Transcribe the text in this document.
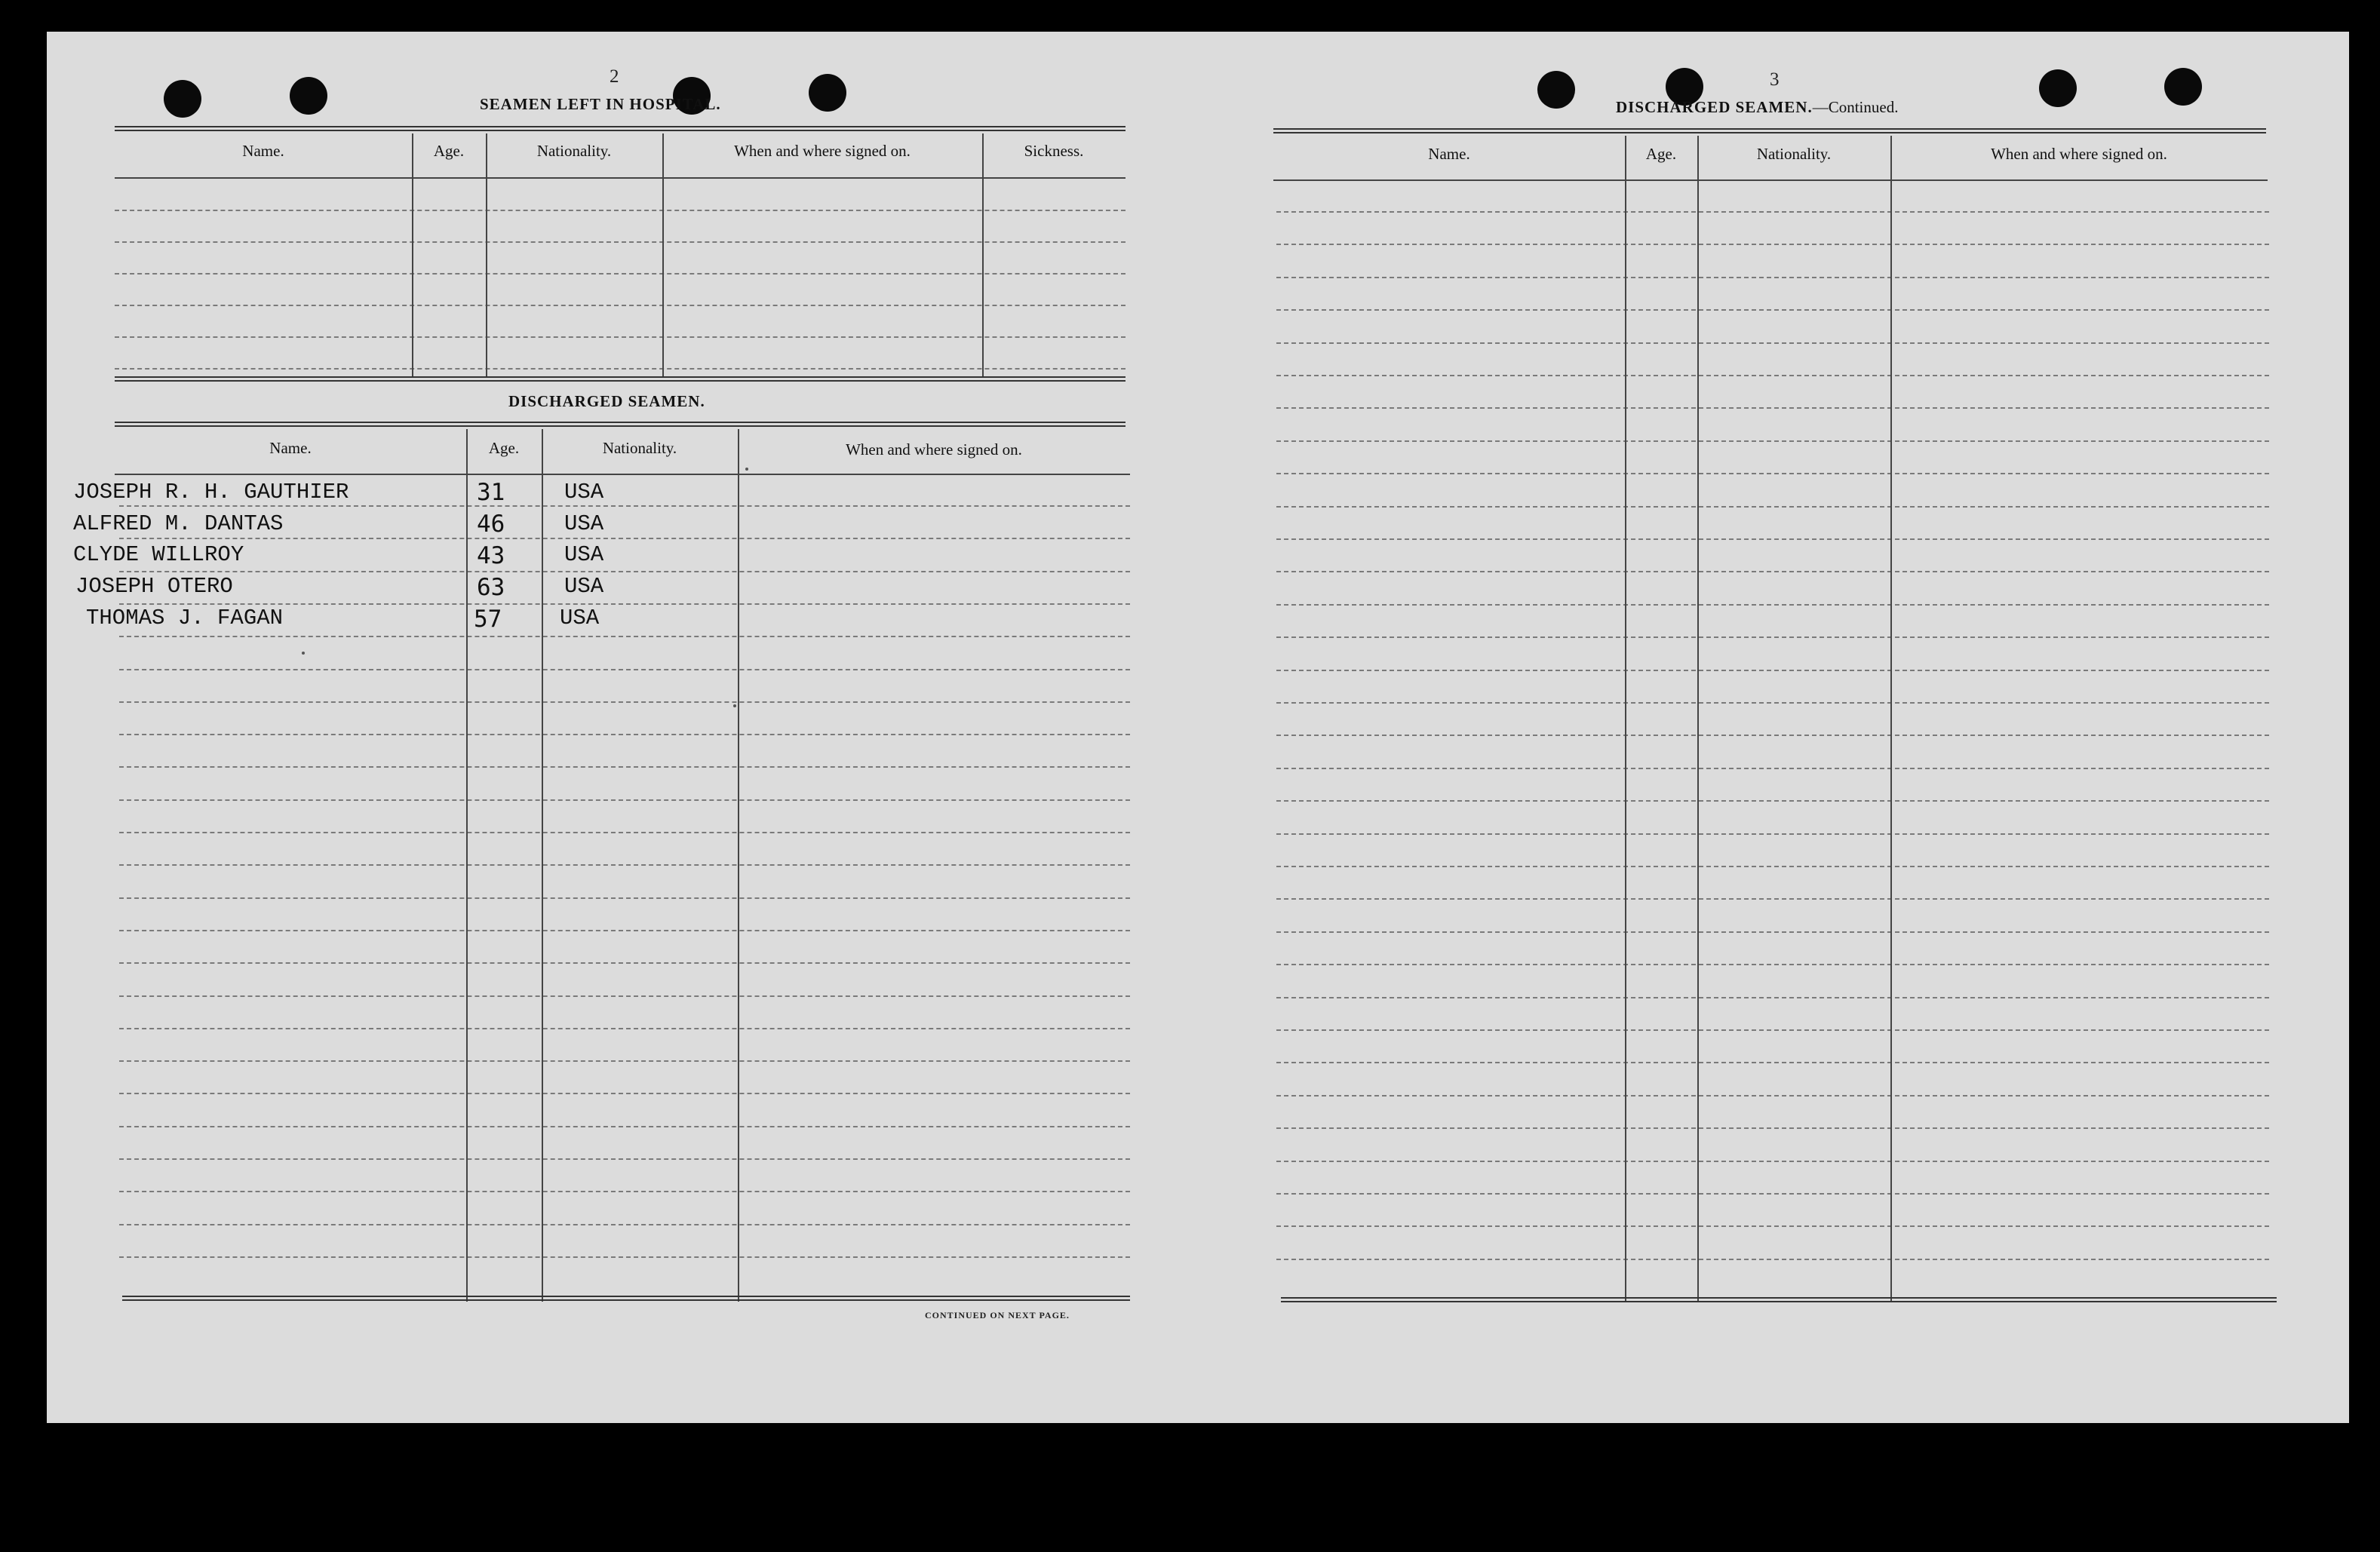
2
SEAMEN LEFT IN HOSPITAL.
Name.	Age.	Nationality.	When and where signed on.	Sickness.
DISCHARGED SEAMEN.
Name.	Age.	Nationality.	When and where signed on.
JOSEPH R. H. GAUTHIER	31	USA
ALFRED M. DANTAS	46	USA
CLYDE WILLROY	43	USA
JOSEPH OTERO	63	USA
THOMAS J. FAGAN	57	USA
CONTINUED ON NEXT PAGE.
3
DISCHARGED SEAMEN.—Continued.
Name.	Age.	Nationality.	When and where signed on.
